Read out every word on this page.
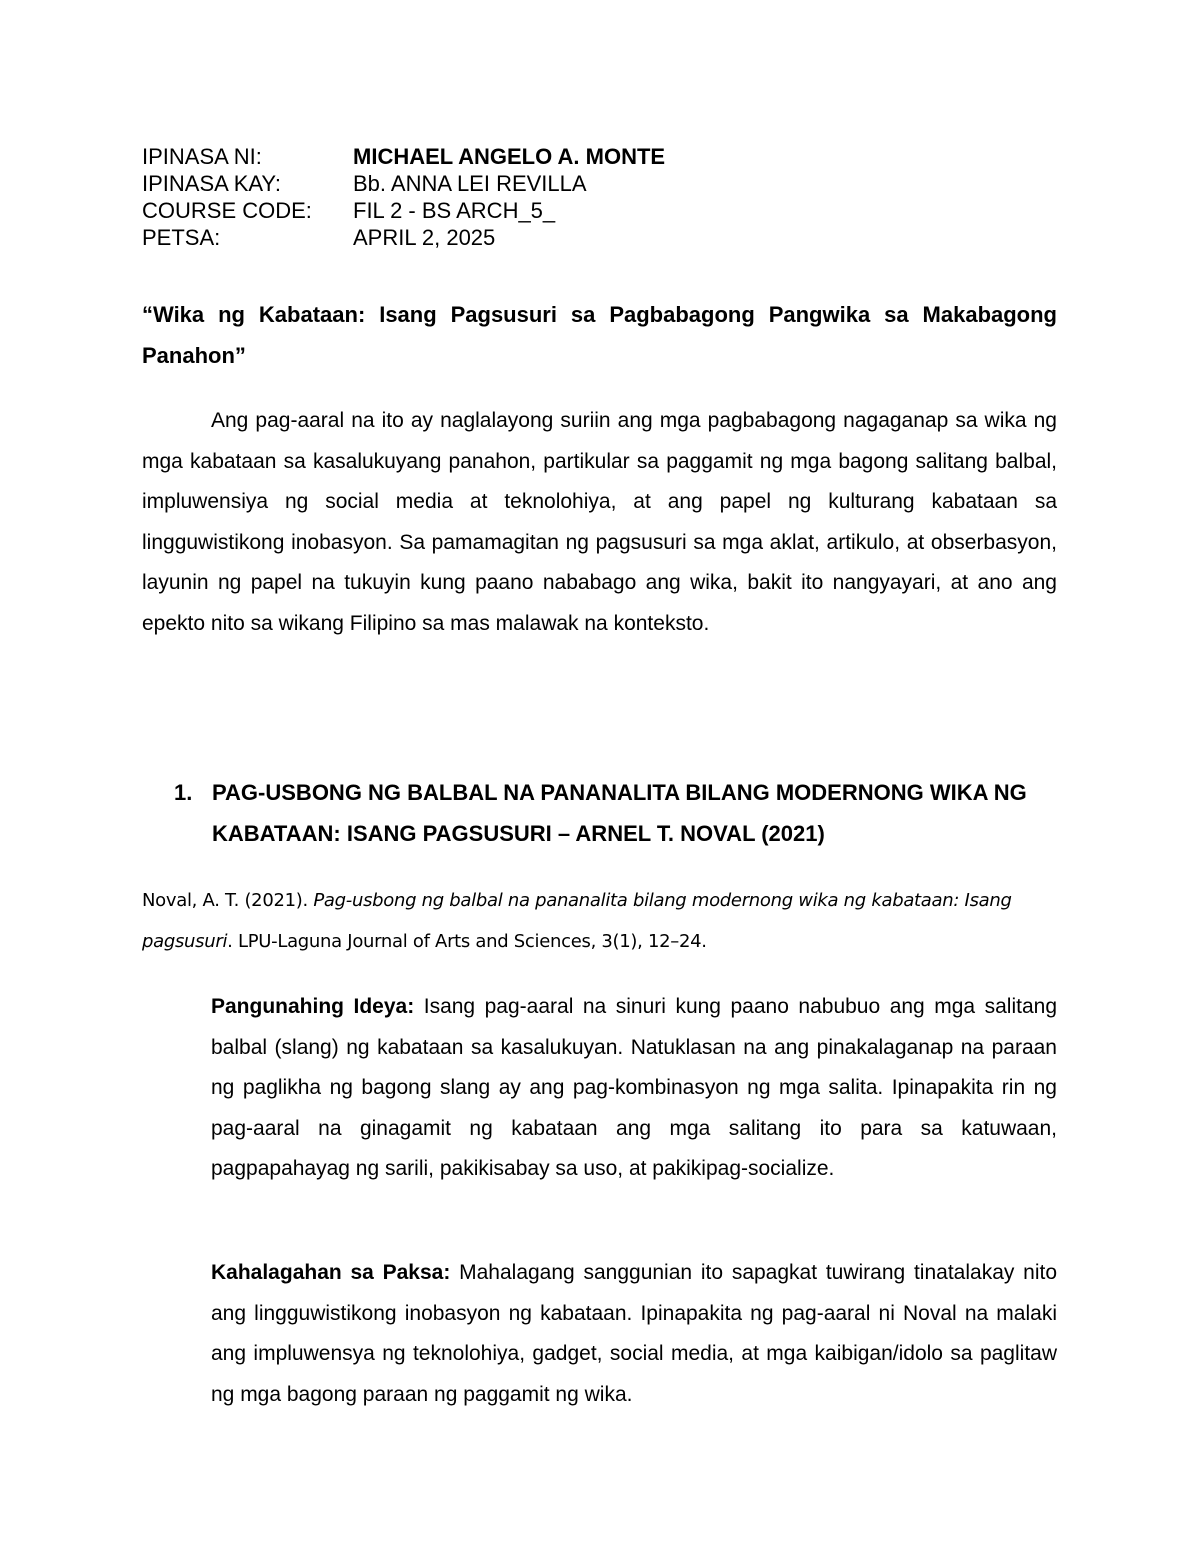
IPINASA NI:	MICHAEL ANGELO A. MONTE
IPINASA KAY:	Bb. ANNA LEI REVILLA
COURSE CODE:	FIL 2 - BS ARCH_5_
PETSA:	APRIL 2, 2025
“Wika ng Kabataan: Isang Pagsusuri sa Pagbabagong Pangwika sa Makabagong Panahon”

Ang pag-aaral na ito ay naglalayong suriin ang mga pagbabagong nagaganap sa wika ng mga kabataan sa kasalukuyang panahon, partikular sa paggamit ng mga bagong salitang balbal, impluwensiya ng social media at teknolohiya, at ang papel ng kulturang kabataan sa lingguwistikong inobasyon. Sa pamamagitan ng pagsusuri sa mga aklat, artikulo, at obserbasyon, layunin ng papel na tukuyin kung paano nababago ang wika, bakit ito nangyayari, at ano ang epekto nito sa wikang Filipino sa mas malawak na konteksto.

1. PAG-USBONG NG BALBAL NA PANANALITA BILANG MODERNONG WIKA NG KABATAAN: ISANG PAGSUSURI – ARNEL T. NOVAL (2021)
Noval, A. T. (2021). Pag-usbong ng balbal na pananalita bilang modernong wika ng kabataan: Isang pagsusuri. LPU-Laguna Journal of Arts and Sciences, 3(1), 12–24.

Pangunahing Ideya: Isang pag-aaral na sinuri kung paano nabubuo ang mga salitang balbal (slang) ng kabataan sa kasalukuyan. Natuklasan na ang pinakalaganap na paraan ng paglikha ng bagong slang ay ang pag-kombinasyon ng mga salita. Ipinapakita rin ng pag-aaral na ginagamit ng kabataan ang mga salitang ito para sa katuwaan, pagpapahayag ng sarili, pakikisabay sa uso, at pakikipag-socialize.

Kahalagahan sa Paksa: Mahalagang sanggunian ito sapagkat tuwirang tinatalakay nito ang lingguwistikong inobasyon ng kabataan. Ipinapakita ng pag-aaral ni Noval na malaki ang impluwensya ng teknolohiya, gadget, social media, at mga kaibigan/idolo sa paglitaw ng mga bagong paraan ng paggamit ng wika.
